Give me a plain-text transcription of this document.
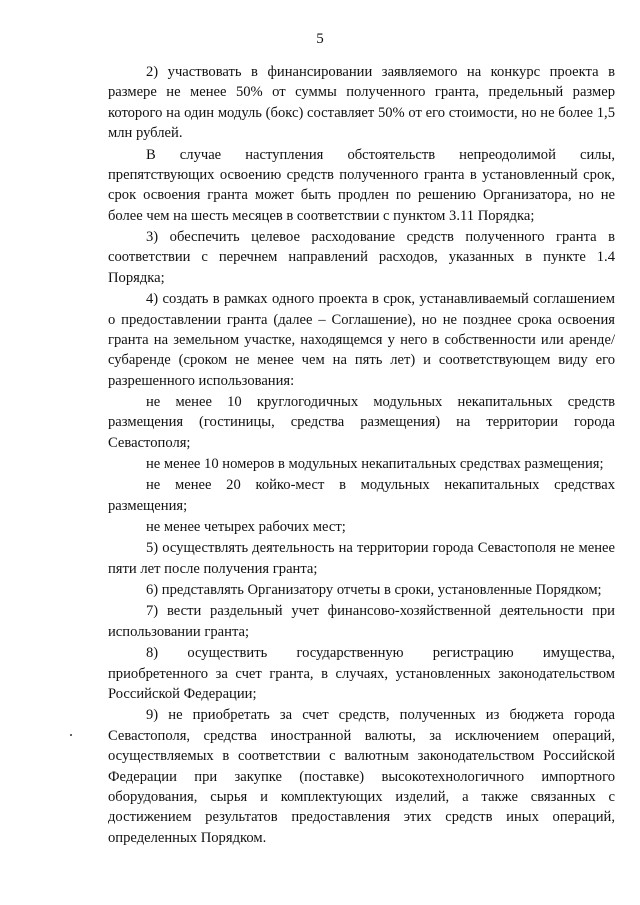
5

2) участвовать в финансировании заявляемого на конкурс проекта в размере не менее 50% от суммы полученного гранта, предельный размер которого на один модуль (бокс) составляет 50% от его стоимости, но не более 1,5 млн рублей.

В случае наступления обстоятельств непреодолимой силы, препятствующих освоению средств полученного гранта в установленный срок, срок освоения гранта может быть продлен по решению Организатора, но не более чем на шесть месяцев в соответствии с пунктом 3.11 Порядка;

3) обеспечить целевое расходование средств полученного гранта в соответствии с перечнем направлений расходов, указанных в пункте 1.4 Порядка;

4) создать в рамках одного проекта в срок, устанавливаемый соглашением о предоставлении гранта (далее – Соглашение), но не позднее срока освоения гранта на земельном участке, находящемся у него в собственности или аренде/субаренде (сроком не менее чем на пять лет) и соответствующем виду его разрешенного использования:

не менее 10 круглогодичных модульных некапитальных средств размещения (гостиницы, средства размещения) на территории города Севастополя;

не менее 10 номеров в модульных некапитальных средствах размещения;

не менее 20 койко-мест в модульных некапитальных средствах размещения;

не менее четырех рабочих мест;

5) осуществлять деятельность на территории города Севастополя не менее пяти лет после получения гранта;

6) представлять Организатору отчеты в сроки, установленные Порядком;

7) вести раздельный учет финансово-хозяйственной деятельности при использовании гранта;

8) осуществить государственную регистрацию имущества, приобретенного за счет гранта, в случаях, установленных законодательством Российской Федерации;

9) не приобретать за счет средств, полученных из бюджета города Севастополя, средства иностранной валюты, за исключением операций, осуществляемых в соответствии с валютным законодательством Российской Федерации при закупке (поставке) высокотехнологичного импортного оборудования, сырья и комплектующих изделий, а также связанных с достижением результатов предоставления этих средств иных операций, определенных Порядком.
